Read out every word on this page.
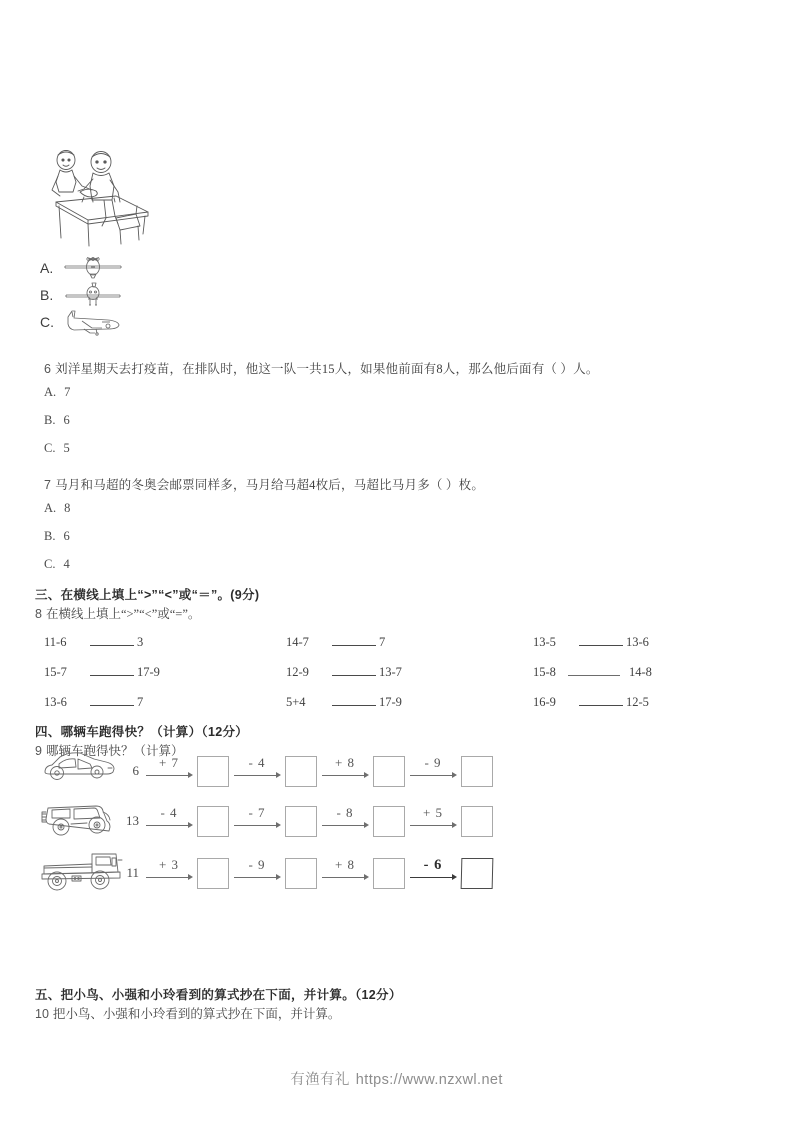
A.
B.
C.
6 刘洋星期天去打疫苗，在排队时，他这一队一共15人，如果他前面有8人，那么他后面有（ ）人。
A. 7
B. 6
C. 5
7 马月和马超的冬奥会邮票同样多，马月给马超4枚后，马超比马月多（ ）枚。
A. 8
B. 6
C. 4
三、在横线上填上“>”“<”或“＝”。(9分)
8 在横线上填上“>”“<”或“=”。
11-6	3	14-7	7	13-5	13-6
15-7	17-9	12-9	13-7	15-8	14-8
13-6	7	5+4	17-9	16-9	12-5
四、哪辆车跑得快？（计算）（12分）
9 哪辆车跑得快？（计算）
6
+ 7	- 4	+ 8	- 9
13
- 4	- 7	- 8	+ 5
11
+ 3	- 9	+ 8	- 6
五、把小鸟、小强和小玲看到的算式抄在下面，并计算。（12分）
10 把小鸟、小强和小玲看到的算式抄在下面，并计算。
有渔有礼 https://www.nzxwl.net
